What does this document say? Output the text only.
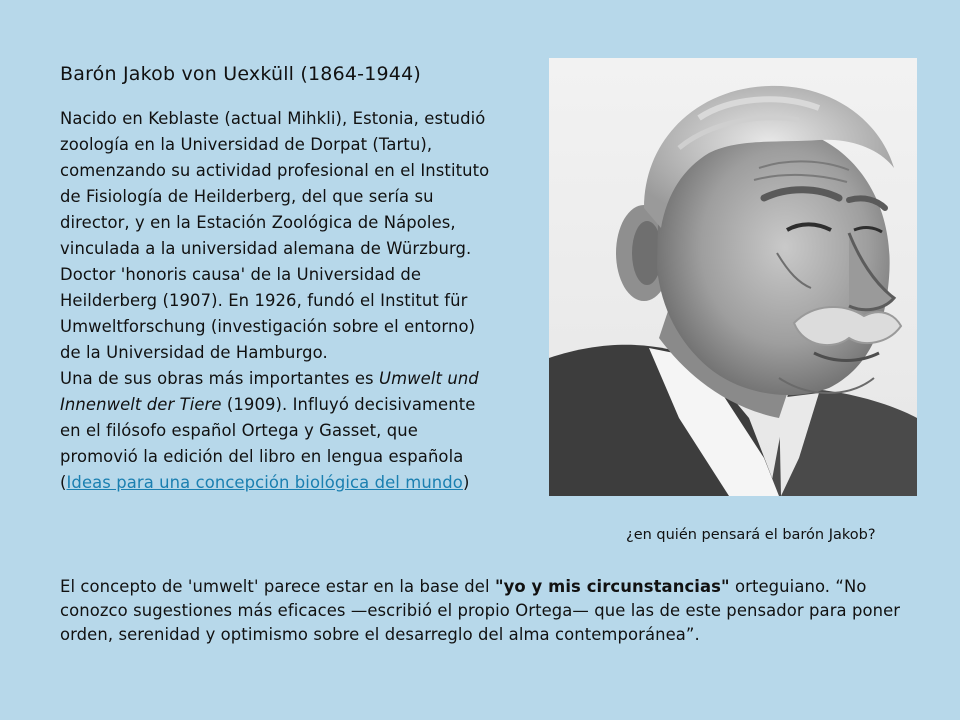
Barón Jakob von Uexküll (1864-1944)

Nacido en Keblaste (actual Mihkli), Estonia, estudió zoología en la Universidad de Dorpat (Tartu), comenzando su actividad profesional en el Instituto de Fisiología de Heilderberg, del que sería su director, y en la Estación Zoológica de Nápoles, vinculada a la universidad alemana de Würzburg. Doctor 'honoris causa' de la Universidad de Heilderberg (1907). En 1926, fundó el Institut für Umweltforschung (investigación sobre el entorno) de la Universidad de Hamburgo.

Una de sus obras más importantes es Umwelt und Innenwelt der Tiere (1909). Influyó decisivamente en el filósofo español Ortega y Gasset, que promovió la edición del libro en lengua española (Ideas para una concepción biológica del mundo)

¿en quién pensará el barón Jakob?
El concepto de 'umwelt' parece estar en la base del "yo y mis circunstancias" orteguiano. “No conozco sugestiones más eficaces —escribió el propio Ortega— que las de este pensador para poner orden, serenidad y optimismo sobre el desarreglo del alma contemporánea”.
